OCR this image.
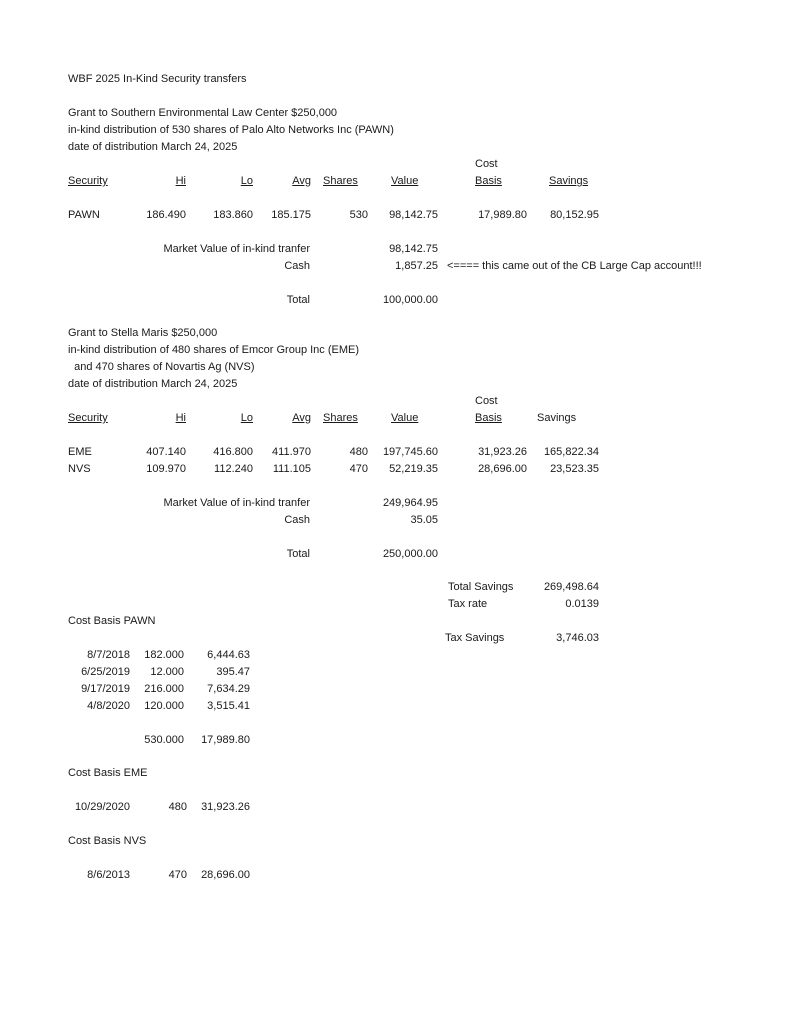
WBF 2025 In-Kind Security transfers
Grant to Southern Environmental Law Center $250,000
in-kind distribution of 530 shares of Palo Alto Networks Inc (PAWN)
date of distribution March 24, 2025
Cost
Security	Hi	Lo	Avg Shares	Value	Basis	Savings
PAWN	186.490	183.860	185.175	530	98,142.75	17,989.80	80,152.95
Market Value of in-kind tranfer	98,142.75
Cash	1,857.25 <==== this came out of the CB Large Cap account!!!
Total	100,000.00
Grant to Stella Maris $250,000
in-kind distribution of 480 shares of Emcor Group Inc (EME)
and 470 shares of Novartis Ag (NVS)
date of distribution March 24, 2025
Cost
Security	Hi	Lo	Avg Shares	Value	Basis	Savings
EME	407.140	416.800	411.970	480	197,745.60	31,923.26	165,822.34
NVS	109.970	112.240	111.105	470	52,219.35	28,696.00	23,523.35
Market Value of in-kind tranfer	249,964.95
Cash	35.05
Total	250,000.00
Total Savings	269,498.64
Tax rate	0.0139
Tax Savings	3,746.03
Cost Basis PAWN
8/7/2018	182.000	6,444.63
6/25/2019	12.000	395.47
9/17/2019	216.000	7,634.29
4/8/2020	120.000	3,515.41
530.000	17,989.80
Cost Basis EME
10/29/2020	480	31,923.26
Cost Basis NVS
8/6/2013	470	28,696.00
